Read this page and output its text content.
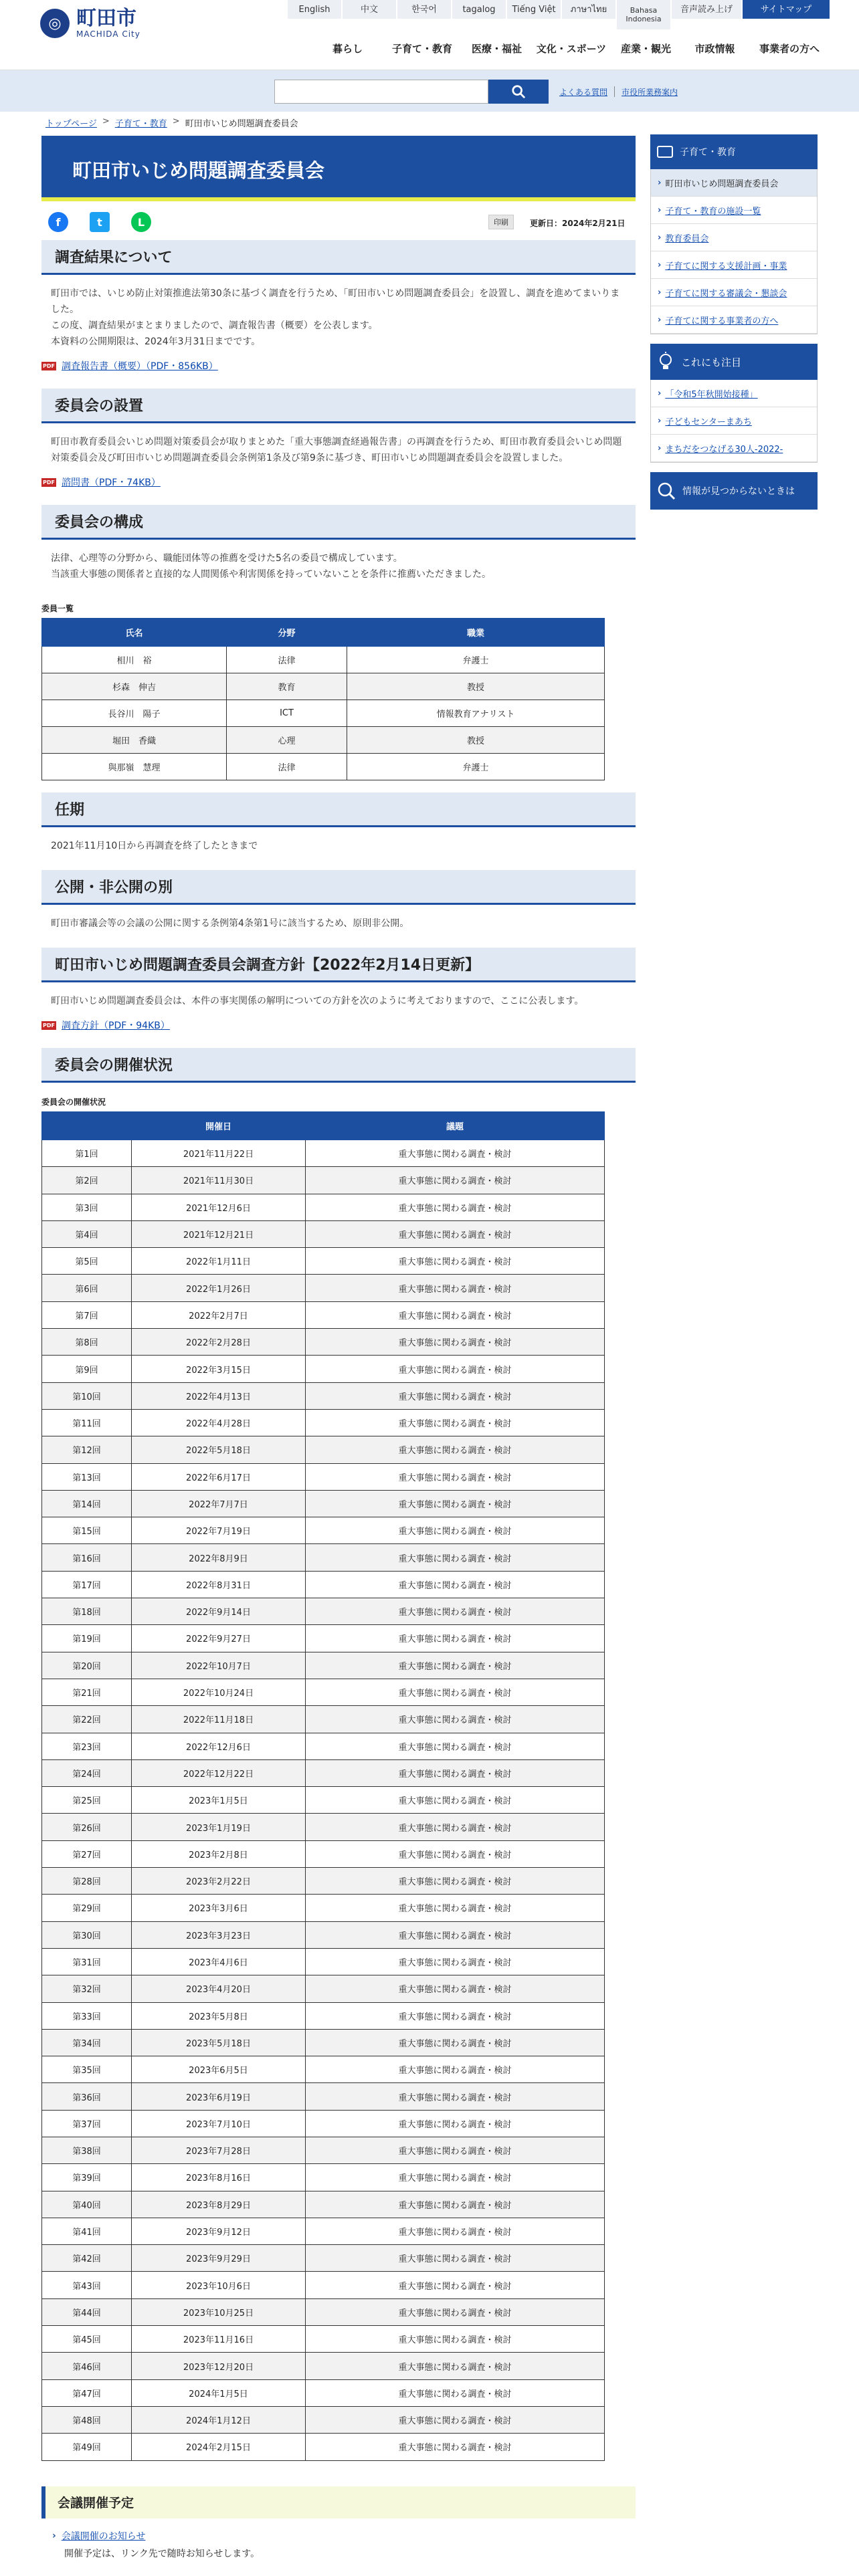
◎ 町田市
MACHIDA City
English	中文	한국어	tagalog	Tiếng Việt	ภาษาไทย	Bahasa Indonesia
音声読み上げ	サイトマップ
暮らし	子育て・教育	医療・福祉	文化・スポーツ	産業・観光	市政情報	事業者の方へ
よくある質問 市役所業務案内
トップページ > 子育て・教育 > 町田市いじめ問題調査委員会
町田市いじめ問題調査委員会
f	t	L	印刷	更新日：2024年2月21日
調査結果について
町田市では、いじめ防止対策推進法第30条に基づく調査を行うため、「町田市いじめ問題調査委員会」を設置し、調査を進めてまいりました。
この度、調査結果がまとまりましたので、調査報告書（概要）を公表します。
本資料の公開期限は、2024年3月31日までです。
PDF 調査報告書（概要）（PDF・856KB）
委員会の設置
町田市教育委員会いじめ問題対策委員会が取りまとめた「重大事態調査経過報告書」の再調査を行うため、町田市教育委員会いじめ問題対策委員会及び町田市いじめ問題調査委員会条例第1条及び第9条に基づき、町田市いじめ問題調査委員会を設置しました。
PDF 諮問書（PDF・74KB）
委員会の構成
法律、心理等の分野から、職能団体等の推薦を受けた5名の委員で構成しています。
当該重大事態の関係者と直接的な人間関係や利害関係を持っていないことを条件に推薦いただきました。
委員一覧
氏名	分野	職業
相川　裕	法律	弁護士
杉森　伸吉	教育	教授
長谷川　陽子	ICT	情報教育アナリスト
堀田　香織	心理	教授
與那嶺　慧理	法律	弁護士
任期
2021年11月10日から再調査を終了したときまで
公開・非公開の別
町田市審議会等の会議の公開に関する条例第4条第1号に該当するため、原則非公開。
町田市いじめ問題調査委員会調査方針【2022年2月14日更新】
町田市いじめ問題調査委員会は、本件の事実関係の解明についての方針を次のように考えておりますので、ここに公表します。
PDF 調査方針（PDF・94KB）
委員会の開催状況
委員会の開催状況
	開催日	議題
第1回	2021年11月22日	重大事態に関わる調査・検討
第2回	2021年11月30日	重大事態に関わる調査・検討
第3回	2021年12月6日	重大事態に関わる調査・検討
第4回	2021年12月21日	重大事態に関わる調査・検討
第5回	2022年1月11日	重大事態に関わる調査・検討
第6回	2022年1月26日	重大事態に関わる調査・検討
第7回	2022年2月7日	重大事態に関わる調査・検討
第8回	2022年2月28日	重大事態に関わる調査・検討
第9回	2022年3月15日	重大事態に関わる調査・検討
第10回	2022年4月13日	重大事態に関わる調査・検討
第11回	2022年4月28日	重大事態に関わる調査・検討
第12回	2022年5月18日	重大事態に関わる調査・検討
第13回	2022年6月17日	重大事態に関わる調査・検討
第14回	2022年7月7日	重大事態に関わる調査・検討
第15回	2022年7月19日	重大事態に関わる調査・検討
第16回	2022年8月9日	重大事態に関わる調査・検討
第17回	2022年8月31日	重大事態に関わる調査・検討
第18回	2022年9月14日	重大事態に関わる調査・検討
第19回	2022年9月27日	重大事態に関わる調査・検討
第20回	2022年10月7日	重大事態に関わる調査・検討
第21回	2022年10月24日	重大事態に関わる調査・検討
第22回	2022年11月18日	重大事態に関わる調査・検討
第23回	2022年12月6日	重大事態に関わる調査・検討
第24回	2022年12月22日	重大事態に関わる調査・検討
第25回	2023年1月5日	重大事態に関わる調査・検討
第26回	2023年1月19日	重大事態に関わる調査・検討
第27回	2023年2月8日	重大事態に関わる調査・検討
第28回	2023年2月22日	重大事態に関わる調査・検討
第29回	2023年3月6日	重大事態に関わる調査・検討
第30回	2023年3月23日	重大事態に関わる調査・検討
第31回	2023年4月6日	重大事態に関わる調査・検討
第32回	2023年4月20日	重大事態に関わる調査・検討
第33回	2023年5月8日	重大事態に関わる調査・検討
第34回	2023年5月18日	重大事態に関わる調査・検討
第35回	2023年6月5日	重大事態に関わる調査・検討
第36回	2023年6月19日	重大事態に関わる調査・検討
第37回	2023年7月10日	重大事態に関わる調査・検討
第38回	2023年7月28日	重大事態に関わる調査・検討
第39回	2023年8月16日	重大事態に関わる調査・検討
第40回	2023年8月29日	重大事態に関わる調査・検討
第41回	2023年9月12日	重大事態に関わる調査・検討
第42回	2023年9月29日	重大事態に関わる調査・検討
第43回	2023年10月6日	重大事態に関わる調査・検討
第44回	2023年10月25日	重大事態に関わる調査・検討
第45回	2023年11月16日	重大事態に関わる調査・検討
第46回	2023年12月20日	重大事態に関わる調査・検討
第47回	2024年1月5日	重大事態に関わる調査・検討
第48回	2024年1月12日	重大事態に関わる調査・検討
第49回	2024年2月15日	重大事態に関わる調査・検討
会議開催予定
› 会議開催のお知らせ
開催予定は、リンク先で随時お知らせします。
子育て・教育
› 町田市いじめ問題調査委員会
› 子育て・教育の施設一覧
› 教育委員会
› 子育てに関する支援計画・事業
› 子育てに関する審議会・懇談会
› 子育てに関する事業者の方へ
これにも注目
› 「令和5年秋開始接種」
› 子どもセンターまあち
› まちだをつなげる30人-2022-
情報が見つからないときは
